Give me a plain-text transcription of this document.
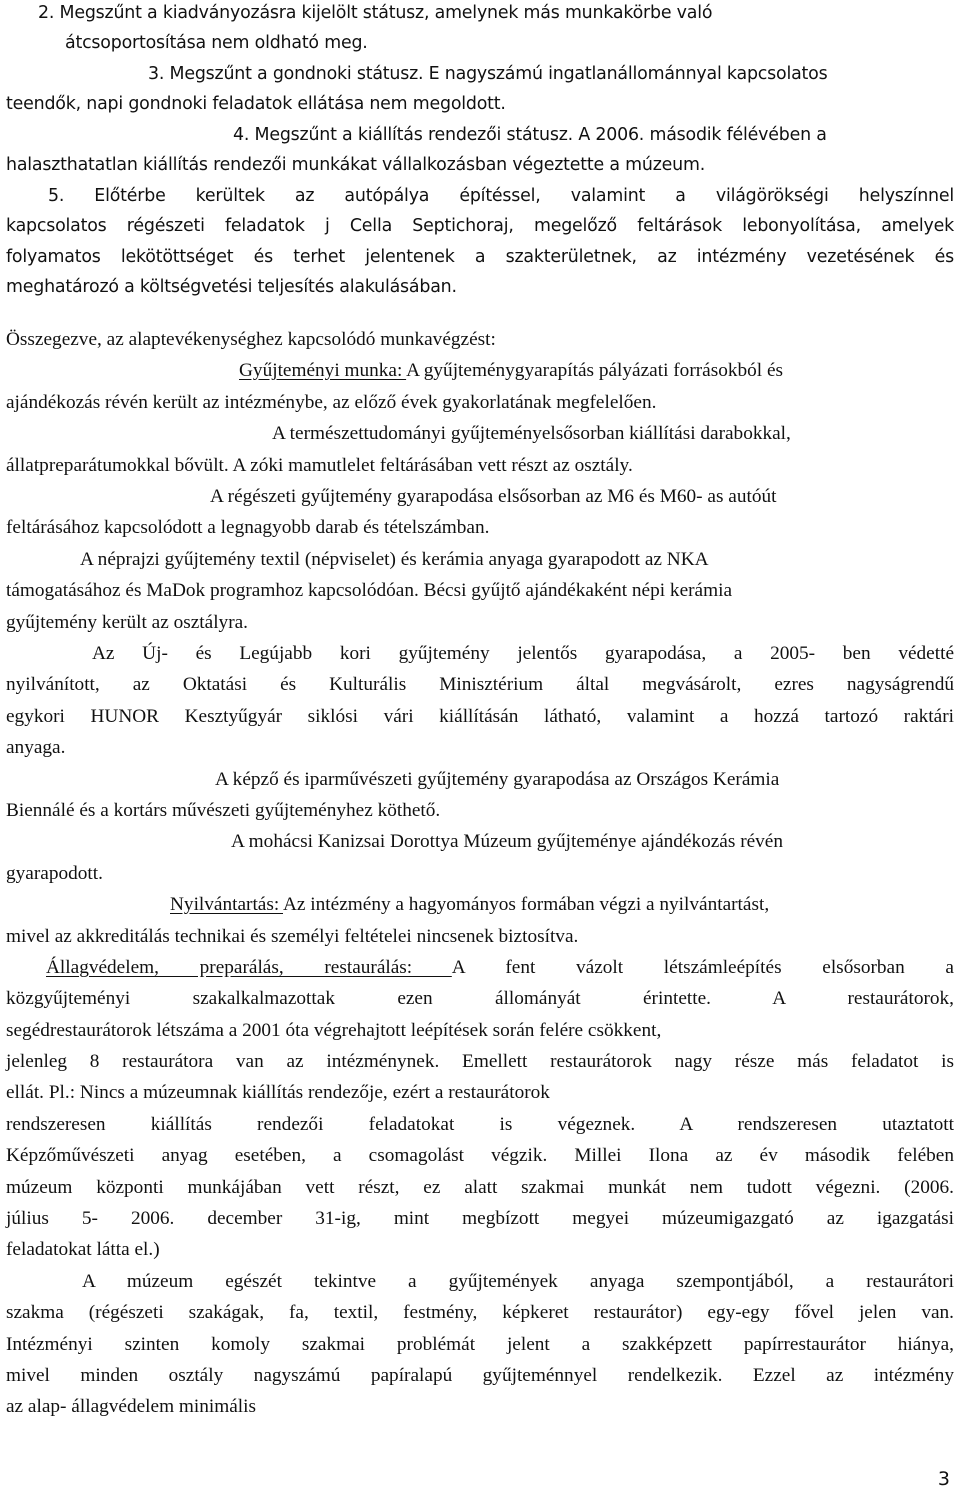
2. Megszűnt a kiadványozásra kijelölt státusz, amelynek más munkakörbe való
átcsoportosítása nem oldható meg.
3. Megszűnt a gondnoki státusz. E nagyszámú ingatlanállománnyal kapcsolatos
teendők, napi gondnoki feladatok ellátása nem megoldott.
4. Megszűnt a kiállítás rendezői státusz. A 2006. második félévében a
halaszthatatlan kiállítás rendezői munkákat vállalkozásban végeztette a múzeum.
5. Előtérbe kerültek az autópálya építéssel, valamint a világörökségi helyszínnel
kapcsolatos régészeti feladatok j Cella Septichoraj, megelőző feltárások lebonyolítása, amelyek
folyamatos lekötöttséget és terhet jelentenek a szakterületnek, az intézmény vezetésének és
meghatározó a költségvetési teljesítés alakulásában.
Összegezve, az alaptevékenységhez kapcsolódó munkavégzést:
Gyűjteményi munka: A gyűjteménygyarapítás pályázati forrásokból és
ajándékozás révén került az intézménybe, az előző évek gyakorlatának megfelelően.
A természettudományi gyűjteményelsősorban kiállítási darabokkal,
állatpreparátumokkal bővült. A zóki mamutlelet feltárásában vett részt az osztály.
A régészeti gyűjtemény gyarapodása elsősorban az M6 és M60- as autóút
feltárásához kapcsolódott a legnagyobb darab és tételszámban.
A néprajzi gyűjtemény textil (népviselet) és kerámia anyaga gyarapodott az NKA
támogatásához és MaDok programhoz kapcsolódóan. Bécsi gyűjtő ajándékaként népi kerámia
gyűjtemény került az osztályra.
Az Új- és Legújabb kori gyűjtemény jelentős gyarapodása, a 2005- ben védetté
nyilvánított, az Oktatási és Kulturális Minisztérium által megvásárolt, ezres nagyságrendű
egykori HUNOR Kesztyűgyár siklósi vári kiállításán látható, valamint a hozzá tartozó raktári
anyaga.
A képző és iparművészeti gyűjtemény gyarapodása az Országos Kerámia
Biennálé és a kortárs művészeti gyűjteményhez köthető.
A mohácsi Kanizsai Dorottya Múzeum gyűjteménye ajándékozás révén
gyarapodott.
Nyilvántartás: Az intézmény a hagyományos formában végzi a nyilvántartást,
mivel az akkreditálás technikai és személyi feltételei nincsenek biztosítva.
Állagvédelem, preparálás, restaurálás: A fent vázolt létszámleépítés elsősorban a
közgyűjteményi szakalkalmazottak ezen állományát érintette. A restaurátorok,
segédrestaurátorok létszáma a 2001 óta végrehajtott leépítések során felére csökkent,
jelenleg 8 restaurátora van az intézménynek. Emellett restaurátorok nagy része más feladatot is
ellát. Pl.: Nincs a múzeumnak kiállítás rendezője, ezért a restaurátorok
rendszeresen kiállítás rendezői feladatokat is végeznek. A rendszeresen utaztatott
Képzőművészeti anyag esetében, a csomagolást végzik. Millei Ilona az év második felében
múzeum központi munkájában vett részt, ez alatt szakmai munkát nem tudott végezni. (2006.
július 5- 2006. december 31-ig, mint megbízott megyei múzeumigazgató az igazgatási
feladatokat látta el.)
A múzeum egészét tekintve a gyűjtemények anyaga szempontjából, a restaurátori
szakma (régészeti szakágak, fa, textil, festmény, képkeret restaurátor) egy-egy fővel jelen van.
Intézményi szinten komoly szakmai problémát jelent a szakképzett papírrestaurátor hiánya,
mivel minden osztály nagyszámú papíralapú gyűjteménnyel rendelkezik. Ezzel az intézmény
az alap- állagvédelem minimális
3
